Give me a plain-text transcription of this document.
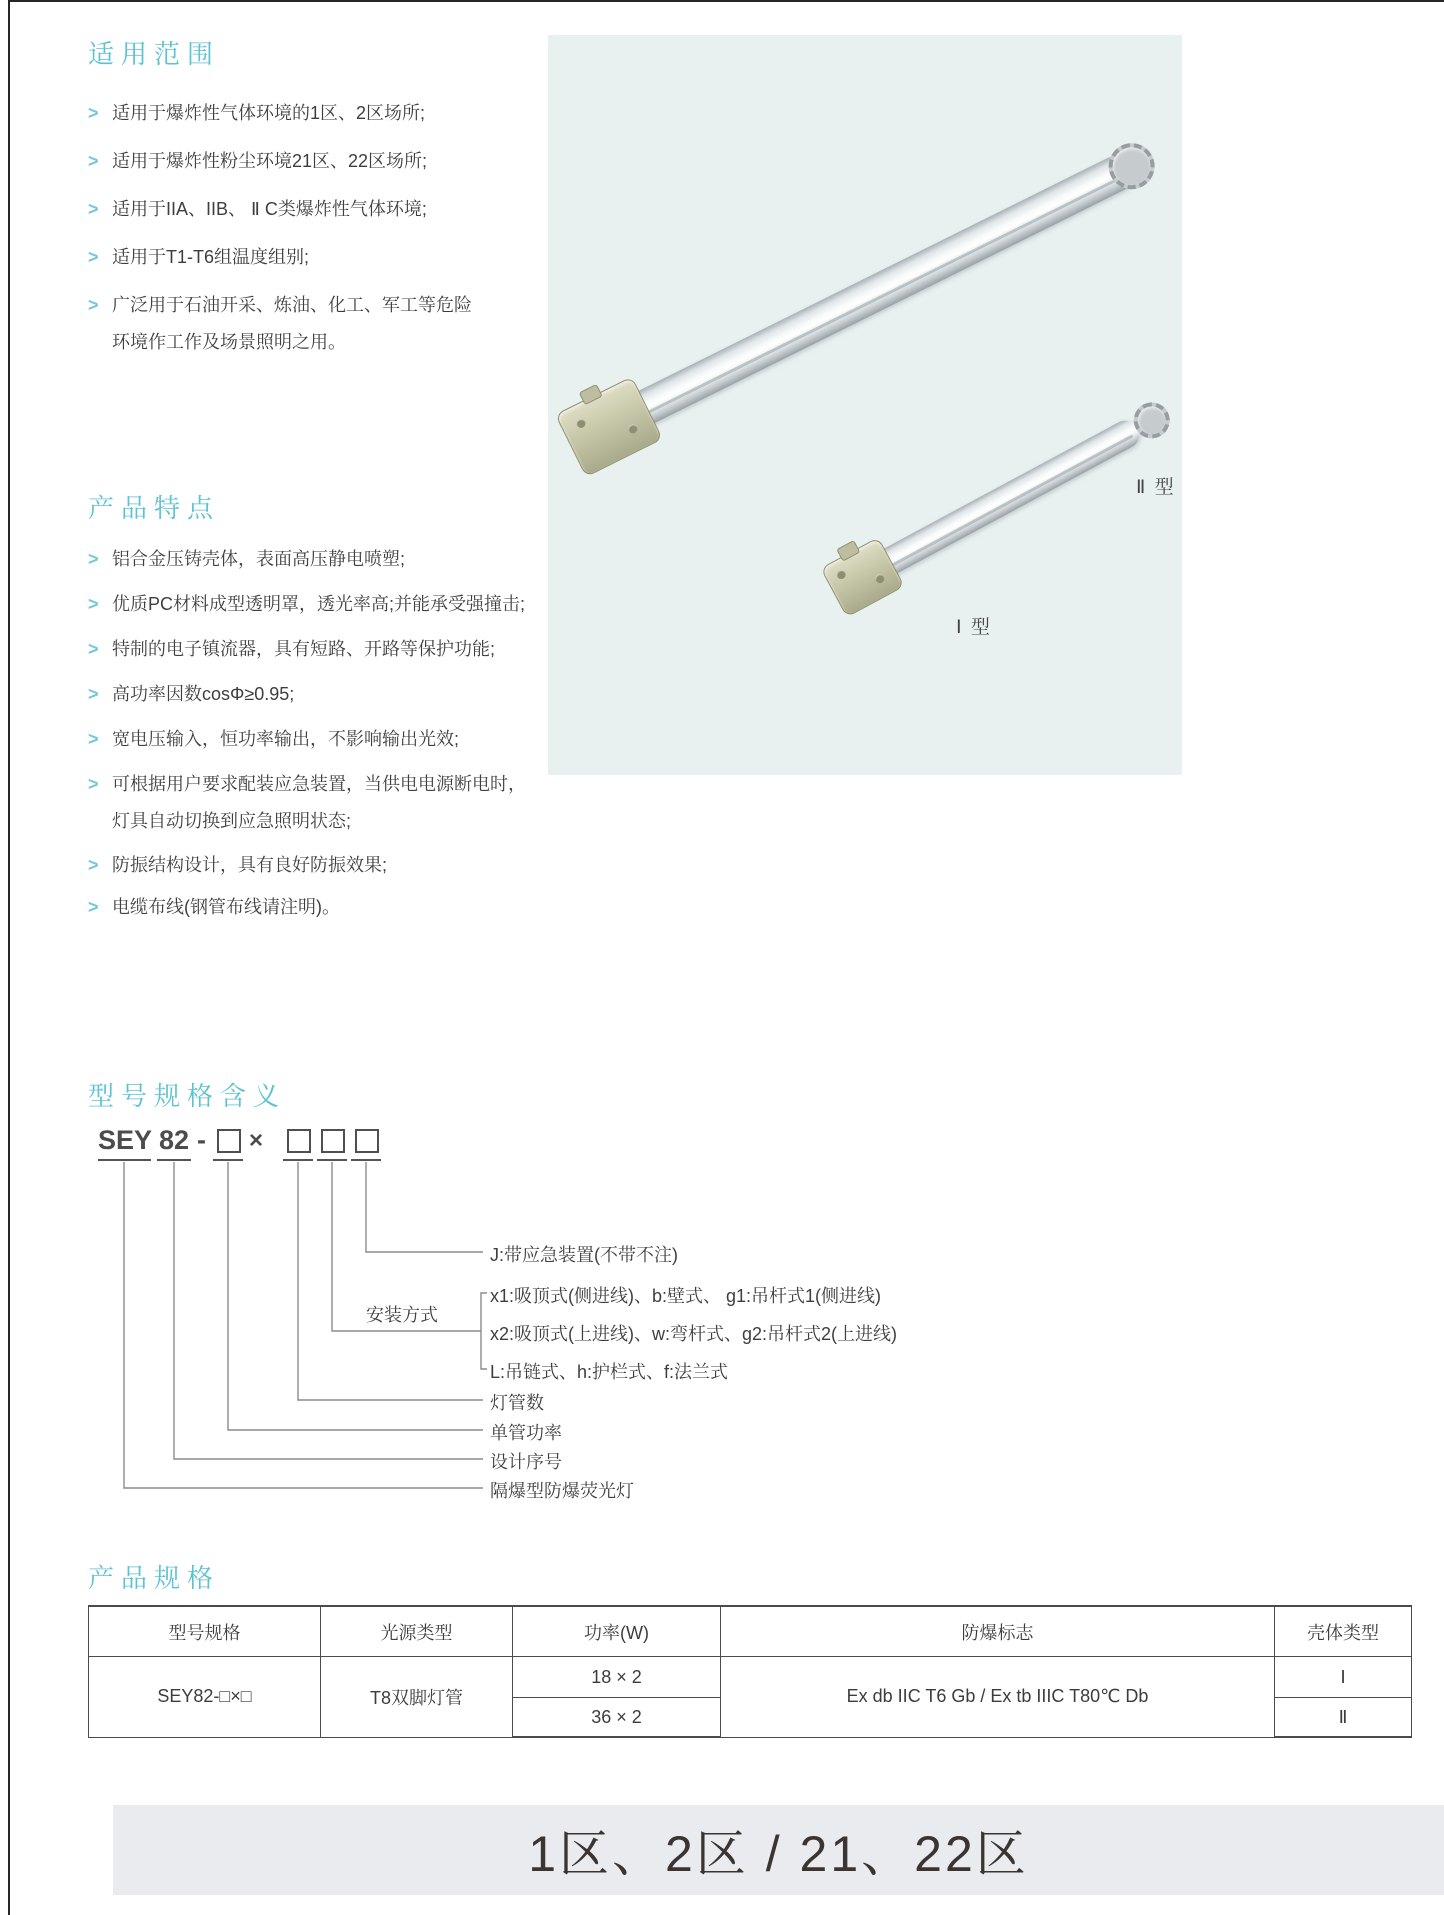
适用范围
> 适用于爆炸性气体环境的1区、2区场所;
> 适用于爆炸性粉尘环境21区、22区场所;
> 适用于IIA、IIB、 Ⅱ C类爆炸性气体环境;
> 适用于T1-T6组温度组别;
> 广泛用于石油开采、炼油、化工、军工等危险
环境作工作及场景照明之用。
Ⅱ 型
Ⅰ 型
产品特点
> 铝合金压铸壳体，表面高压静电喷塑;
> 优质PC材料成型透明罩，透光率高;并能承受强撞击;
> 特制的电子镇流器，具有短路、开路等保护功能;
> 高功率因数cosΦ≥0.95;
> 宽电压输入，恒功率输出，不影响输出光效;
> 可根据用户要求配装应急装置，当供电电源断电时，
灯具自动切换到应急照明状态;
> 防振结构设计，具有良好防振效果;
> 电缆布线(钢管布线请注明)。
型号规格含义
SEY 82 - ×
J:带应急装置(不带不注)
安装方式
x1:吸顶式(侧进线)、b:壁式、 g1:吊杆式1(侧进线)
x2:吸顶式(上进线)、w:弯杆式、g2:吊杆式2(上进线)
L:吊链式、h:护栏式、f:法兰式
灯管数
单管功率
设计序号
隔爆型防爆荧光灯
产品规格
型号规格	光源类型	功率(W)	防爆标志	壳体类型
SEY82-□×□	T8双脚灯管	18 × 2	Ex db IIC T6 Gb / Ex tb IIIC T80℃ Db	Ⅰ
		36 × 2		Ⅱ
1区、2区 / 21、22区
